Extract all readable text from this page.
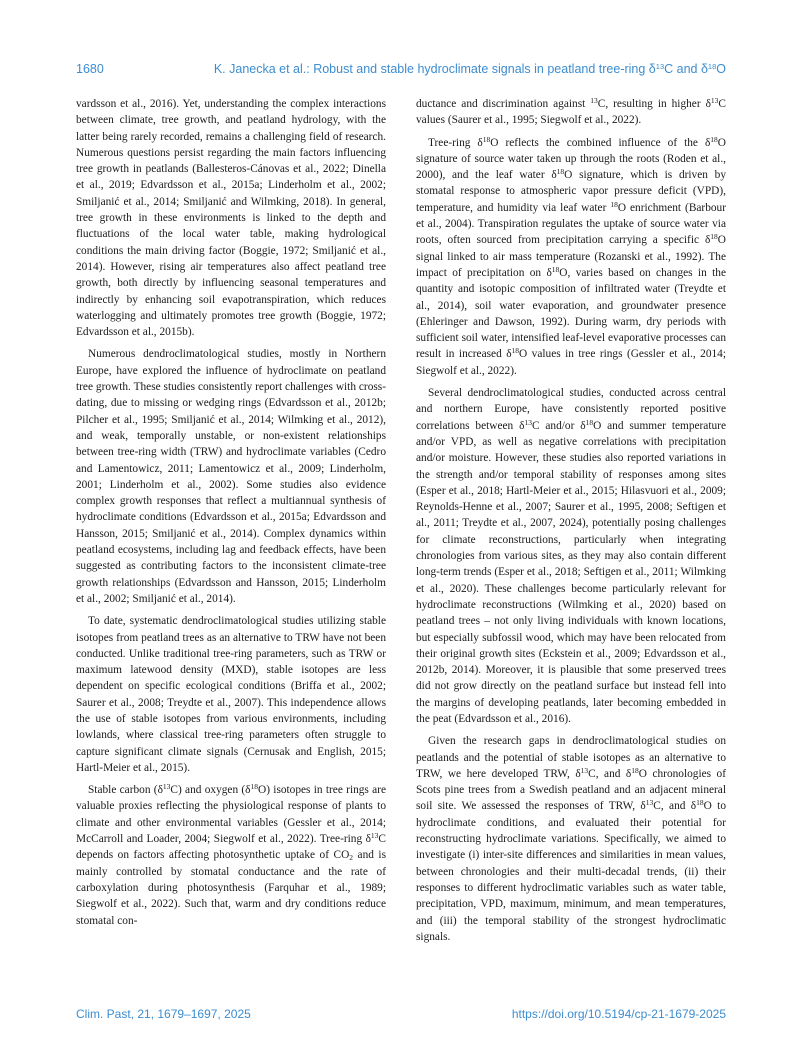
1680	K. Janecka et al.: Robust and stable hydroclimate signals in peatland tree-ring $\delta^{13}C$ and $\delta^{18}O$

vardsson et al., 2016). Yet, understanding the complex interactions between climate, tree growth, and peatland hydrology, with the latter being rarely recorded, remains a challenging field of research. Numerous questions persist regarding the main factors influencing tree growth in peatlands (Ballesteros-Cánovas et al., 2022; Dinella et al., 2019; Edvardsson et al., 2015a; Linderholm et al., 2002; Smiljanić et al., 2014; Smiljanić and Wilmking, 2018). In general, tree growth in these environments is linked to the depth and fluctuations of the local water table, making hydrological conditions the main driving factor (Boggie, 1972; Smiljanić et al., 2014). However, rising air temperatures also affect peatland tree growth, both directly by influencing seasonal temperatures and indirectly by enhancing soil evapotranspiration, which reduces waterlogging and ultimately promotes tree growth (Boggie, 1972; Edvardsson et al., 2015b).

Numerous dendroclimatological studies, mostly in Northern Europe, have explored the influence of hydroclimate on peatland tree growth. These studies consistently report challenges with cross-dating, due to missing or wedging rings (Edvardsson et al., 2012b; Pilcher et al., 1995; Smiljanić et al., 2014; Wilmking et al., 2012), and weak, temporally unstable, or non-existent relationships between tree-ring width (TRW) and hydroclimate variables (Cedro and Lamentowicz, 2011; Lamentowicz et al., 2009; Linderholm, 2001; Linderholm et al., 2002). Some studies also evidence complex growth responses that reflect a multiannual synthesis of hydroclimate conditions (Edvardsson et al., 2015a; Edvardsson and Hansson, 2015; Smiljanić et al., 2014). Complex dynamics within peatland ecosystems, including lag and feedback effects, have been suggested as contributing factors to the inconsistent climate-tree growth relationships (Edvardsson and Hansson, 2015; Linderholm et al., 2002; Smiljanić et al., 2014).

To date, systematic dendroclimatological studies utilizing stable isotopes from peatland trees as an alternative to TRW have not been conducted. Unlike traditional tree-ring parameters, such as TRW or maximum latewood density (MXD), stable isotopes are less dependent on specific ecological conditions (Briffa et al., 2002; Saurer et al., 2008; Treydte et al., 2007). This independence allows the use of stable isotopes from various environments, including lowlands, where classical tree-ring parameters often struggle to capture significant climate signals (Cernusak and English, 2015; Hartl-Meier et al., 2015).

Stable carbon $(\delta^{13}C)$ and oxygen $(\delta^{18}O)$ isotopes in tree rings are valuable proxies reflecting the physiological response of plants to climate and other environmental variables (Gessler et al., 2014; McCarroll and Loader, 2004; Siegwolf et al., 2022). Tree-ring $\delta^{13}C$ depends on factors affecting photosynthetic uptake of $CO_2$ and is mainly controlled by stomatal conductance and the rate of carboxylation during photosynthesis (Farquhar et al., 1989; Siegwolf et al., 2022). Such that, warm and dry conditions reduce stomatal con-

ductance and discrimination against $^{13}$C, resulting in higher $\delta^{13}C$ values (Saurer et al., 1995; Siegwolf et al., 2022).

Tree-ring $\delta^{18}O$ reflects the combined influence of the $\delta^{18}O$ signature of source water taken up through the roots (Roden et al., 2000), and the leaf water $\delta^{18}O$ signature, which is driven by stomatal response to atmospheric vapor pressure deficit (VPD), temperature, and humidity via leaf water $^{18}$O enrichment (Barbour et al., 2004). Transpiration regulates the uptake of source water via roots, often sourced from precipitation carrying a specific $\delta^{18}O$ signal linked to air mass temperature (Rozanski et al., 1992). The impact of precipitation on $\delta^{18}O$, varies based on changes in the quantity and isotopic composition of infiltrated water (Treydte et al., 2014), soil water evaporation, and groundwater presence (Ehleringer and Dawson, 1992). During warm, dry periods with sufficient soil water, intensified leaf-level evaporative processes can result in increased $\delta^{18}O$ values in tree rings (Gessler et al., 2014; Siegwolf et al., 2022).

Several dendroclimatological studies, conducted across central and northern Europe, have consistently reported positive correlations between $\delta^{13}C$ and/or $\delta^{18}O$ and summer temperature and/or VPD, as well as negative correlations with precipitation and/or moisture. However, these studies also reported variations in the strength and/or temporal stability of responses among sites (Esper et al., 2018; Hartl-Meier et al., 2015; Hilasvuori et al., 2009; Reynolds-Henne et al., 2007; Saurer et al., 1995, 2008; Seftigen et al., 2011; Treydte et al., 2007, 2024), potentially posing challenges for climate reconstructions, particularly when integrating chronologies from various sites, as they may also contain different long-term trends (Esper et al., 2018; Seftigen et al., 2011; Wilmking et al., 2020). These challenges become particularly relevant for hydroclimate reconstructions (Wilmking et al., 2020) based on peatland trees – not only living individuals with known locations, but especially subfossil wood, which may have been relocated from their original growth sites (Eckstein et al., 2009; Edvardsson et al., 2012b, 2014). Moreover, it is plausible that some preserved trees did not grow directly on the peatland surface but instead fell into the margins of developing peatlands, later becoming embedded in the peat (Edvardsson et al., 2016).

Given the research gaps in dendroclimatological studies on peatlands and the potential of stable isotopes as an alternative to TRW, we here developed TRW, $\delta^{13}C$, and $\delta^{18}O$ chronologies of Scots pine trees from a Swedish peatland and an adjacent mineral soil site. We assessed the responses of TRW, $\delta^{13}C$, and $\delta^{18}O$ to hydroclimate conditions, and evaluated their potential for reconstructing hydroclimate variations. Specifically, we aimed to investigate (i) inter-site differences and similarities in mean values, between chronologies and their multi-decadal trends, (ii) their responses to different hydroclimatic variables such as water table, precipitation, VPD, maximum, minimum, and mean temperatures, and (iii) the temporal stability of the strongest hydroclimatic signals.

Clim. Past, 21, 1679–1697, 2025	https://doi.org/10.5194/cp-21-1679-2025
